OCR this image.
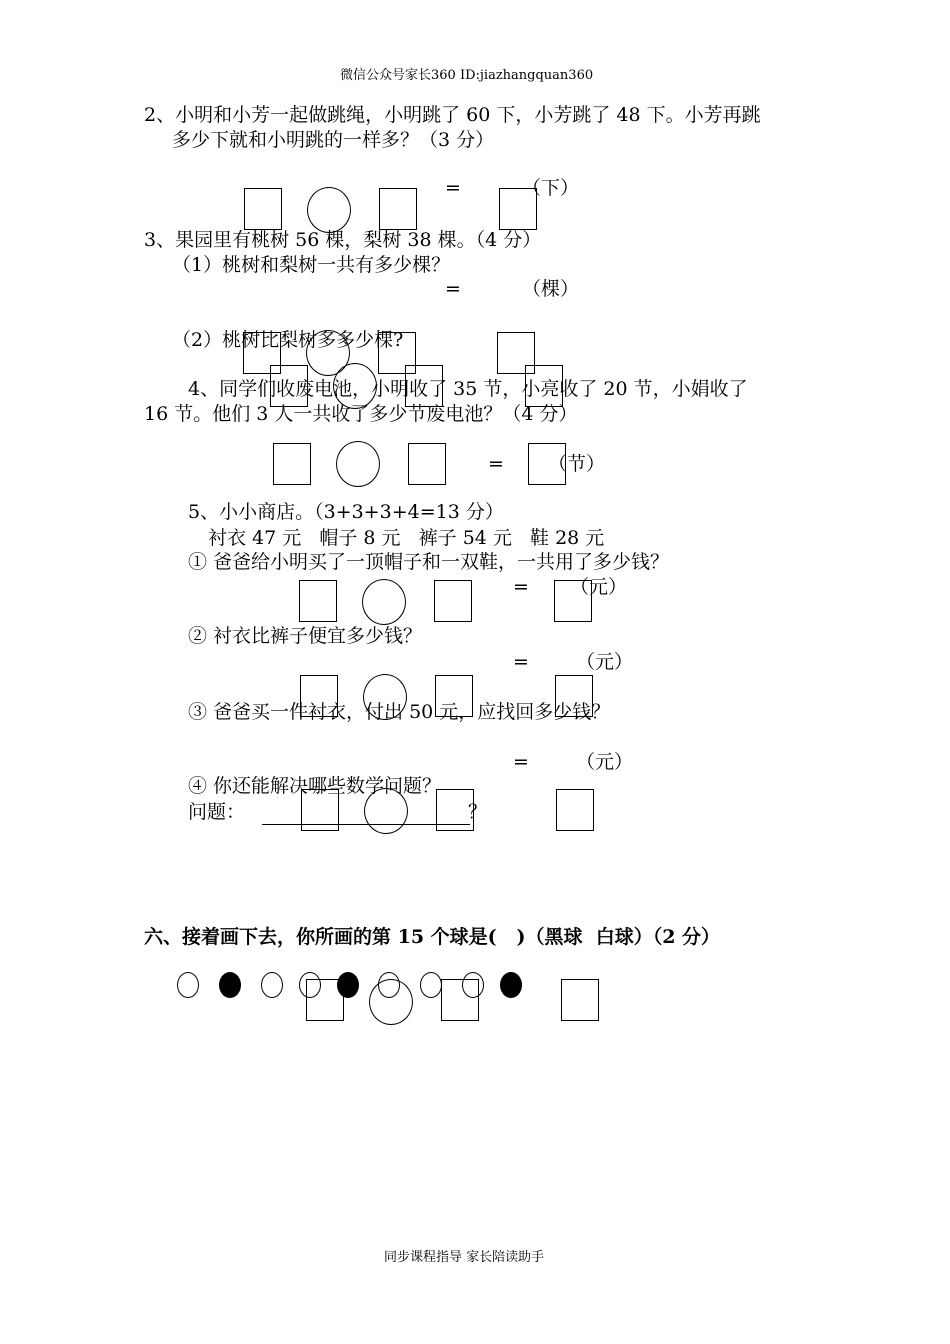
微信公众号家长360 ID:jiazhangquan360
2、小明和小芳一起做跳绳，小明跳了 60 下，小芳跳了 48 下。小芳再跳
多少下就和小明跳的一样多？（3 分）
=	（下）
3、果园里有桃树 56 棵，梨树 38 棵。（4 分）
（1）桃树和梨树一共有多少棵？
=	（棵）
（2）桃树比梨树多多少棵?
4、同学们收废电池，小明收了 35 节，小亮收了 20 节，小娟收了
16 节。他们 3 人一共收了多少节废电池？（4 分）
= （节）
5、小小商店。（3+3+3+4=13 分）
衬衣 47 元   帽子 8 元   裤子 54 元   鞋 28 元
① 爸爸给小明买了一顶帽子和一双鞋，一共用了多少钱？
= （元）
② 衬衣比裤子便宜多少钱？
= （元）
③ 爸爸买一件衬衣，付出 50 元，应找回多少钱？
= （元）
④ 你还能解决哪些数学问题？
问题：	？
六、接着画下去，你所画的第 15 个球是(   )（黑球  白球）（2 分）
同步课程指导 家长陪读助手
